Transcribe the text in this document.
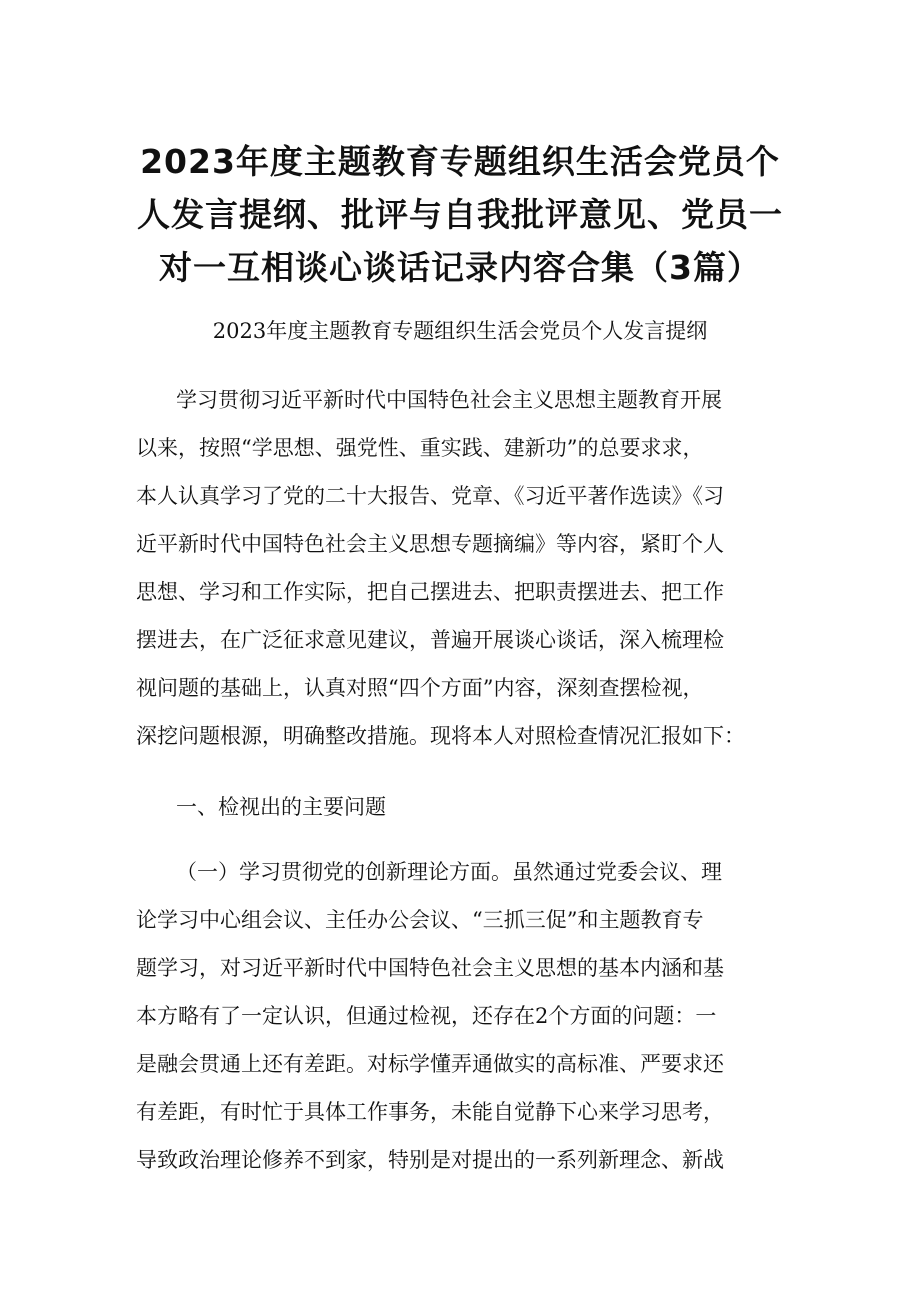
2023年度主题教育专题组织生活会党员个
人发言提纲、批评与自我批评意见、党员一
对一互相谈心谈话记录内容合集（3篇）
2023年度主题教育专题组织生活会党员个人发言提纲
学习贯彻习近平新时代中国特色社会主义思想主题教育开展
以来，按照“学思想、强党性、重实践、建新功”的总要求求，
本人认真学习了党的二十大报告、党章、《习近平著作选读》《习
近平新时代中国特色社会主义思想专题摘编》等内容，紧盯个人
思想、学习和工作实际，把自己摆进去、把职责摆进去、把工作
摆进去，在广泛征求意见建议，普遍开展谈心谈话，深入梳理检
视问题的基础上，认真对照“四个方面”内容，深刻查摆检视，
深挖问题根源，明确整改措施。现将本人对照检查情况汇报如下：
一、检视出的主要问题
（一）学习贯彻党的创新理论方面。虽然通过党委会议、理
论学习中心组会议、主任办公会议、“三抓三促”和主题教育专
题学习，对习近平新时代中国特色社会主义思想的基本内涵和基
本方略有了一定认识，但通过检视，还存在2个方面的问题：一
是融会贯通上还有差距。对标学懂弄通做实的高标准、严要求还
有差距，有时忙于具体工作事务，未能自觉静下心来学习思考，
导致政治理论修养不到家，特别是对提出的一系列新理念、新战
